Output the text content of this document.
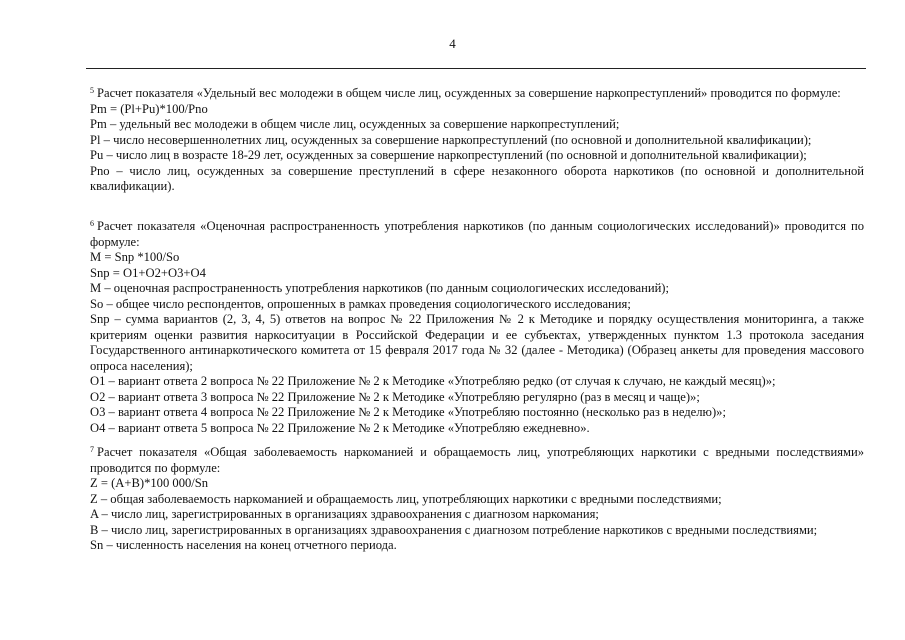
4

$^5$ Расчет показателя «Удельный вес молодежи в общем числе лиц, осужденных за совершение наркопреступлений» проводится по формуле:

Pm = (Pl+Pu)*100/Pno

Pm – удельный вес молодежи в общем числе лиц, осужденных за совершение наркопреступлений;

Pl – число несовершеннолетних лиц, осужденных за совершение наркопреступлений (по основной и дополнительной квалификации);

Pu – число лиц в возрасте 18-29 лет, осужденных за совершение наркопреступлений (по основной и дополнительной квалификации);

Pno – число лиц, осужденных за совершение преступлений в сфере незаконного оборота наркотиков (по основной и дополнительной квалификации).

$^6$ Расчет показателя «Оценочная распространенность употребления наркотиков (по данным социологических исследований)» проводится по формуле:

M = Snp *100/So

Snp = O1+O2+O3+O4

M – оценочная распространенность употребления наркотиков (по данным социологических исследований);

So – общее число респондентов, опрошенных в рамках проведения социологического исследования;

Snp – сумма вариантов (2, 3, 4, 5) ответов на вопрос № 22 Приложения № 2 к Методике и порядку осуществления мониторинга, а также критериям оценки развития наркоситуации в Российской Федерации и ее субъектах, утвержденных пунктом 1.3 протокола заседания Государственного антинаркотического комитета от 15 февраля 2017 года № 32 (далее - Методика) (Образец анкеты для проведения массового опроса населения);

O1 – вариант ответа 2 вопроса № 22 Приложение № 2 к Методике «Употребляю редко (от случая к случаю, не каждый месяц)»;

O2 – вариант ответа 3 вопроса № 22 Приложение № 2 к Методике «Употребляю регулярно (раз в месяц и чаще)»;

O3 – вариант ответа 4 вопроса № 22 Приложение № 2 к Методике «Употребляю постоянно (несколько раз в неделю)»;

O4 – вариант ответа 5 вопроса № 22 Приложение № 2 к Методике «Употребляю ежедневно».

$^7$ Расчет показателя «Общая заболеваемость наркоманией и обращаемость лиц, употребляющих наркотики с вредными последствиями» проводится по формуле:

Z = (A+B)*100 000/Sn

Z – общая заболеваемость наркоманией и обращаемость лиц, употребляющих наркотики с вредными последствиями;

A – число лиц, зарегистрированных в организациях здравоохранения с диагнозом наркомания;

B – число лиц, зарегистрированных в организациях здравоохранения с диагнозом потребление наркотиков с вредными последствиями;

Sn – численность населения на конец отчетного периода.
